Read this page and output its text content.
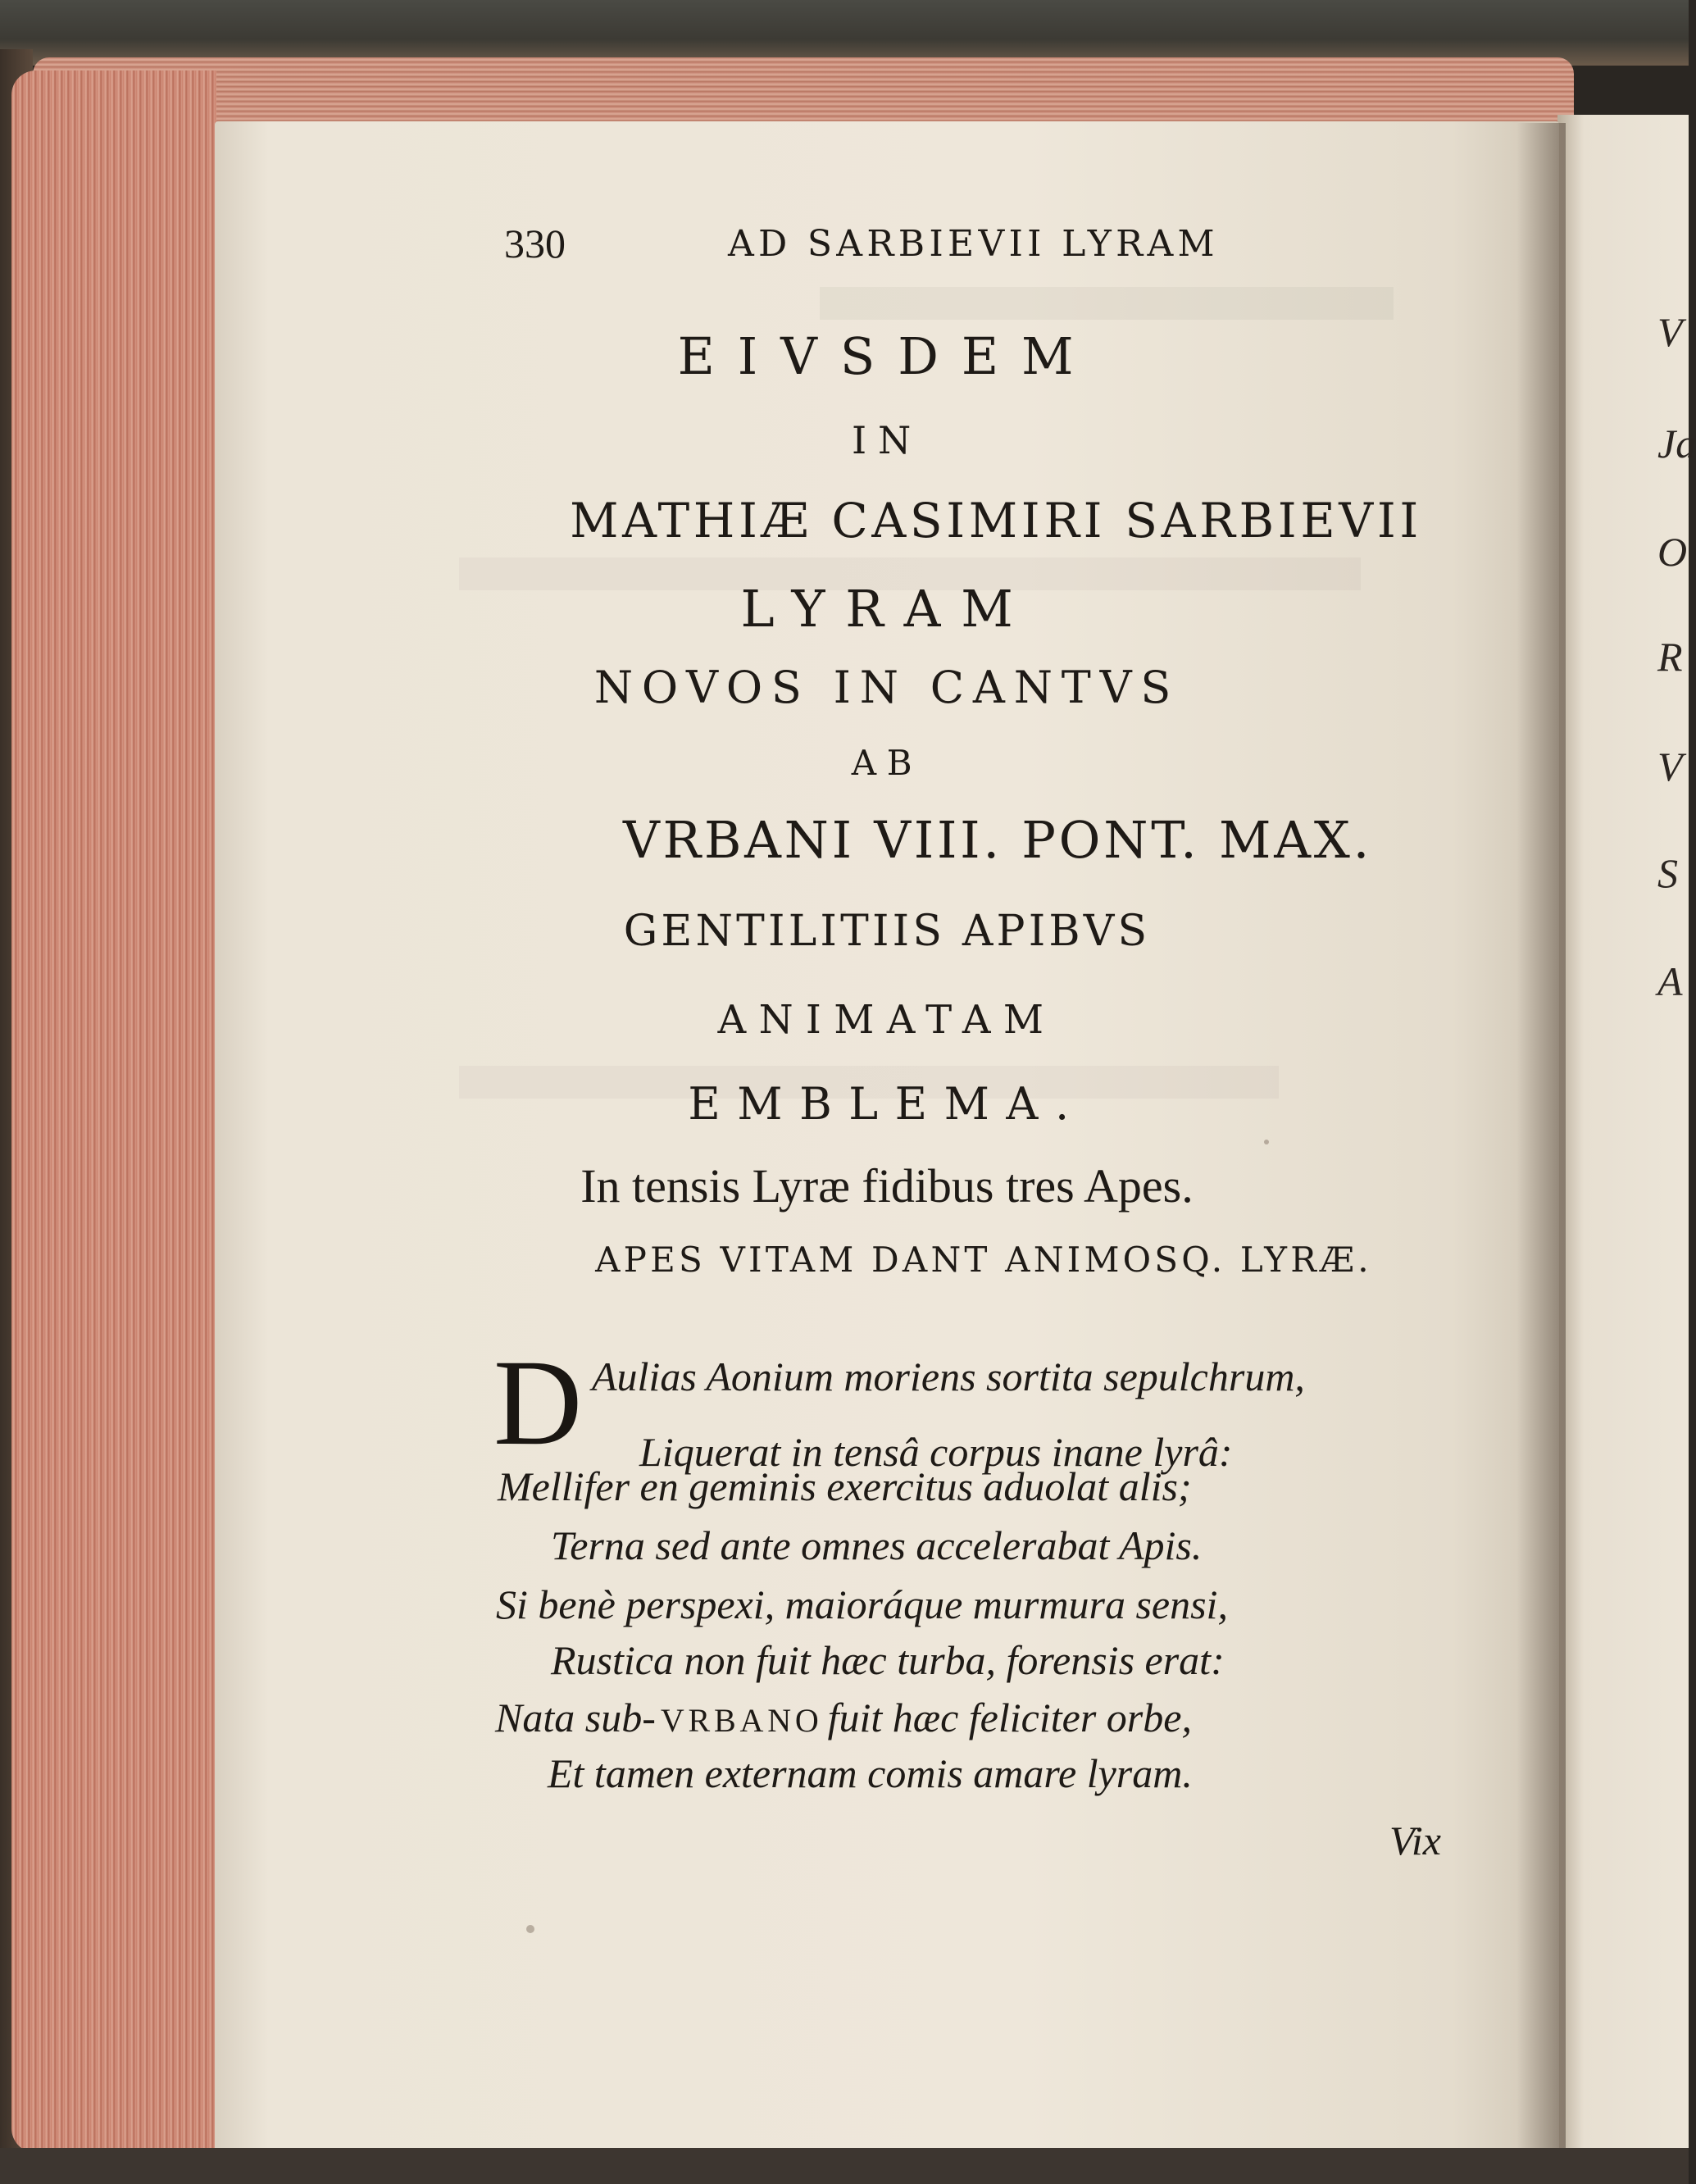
330	AD SARBIEVII LYRAM
EIVSDEM
IN
MATHIÆ CASIMIRI SARBIEVII
LYRAM
NOVOS IN CANTVS
AB
VRBANI VIII. PONT. MAX.
GENTILITIIS APIBVS
ANIMATAM
EMBLEMA.
In tensis Lyræ fidibus tres Apes.
APES VITAM DANT ANIMOSQ. LYRÆ.
D Aulias Aonium moriens sortita sepulchrum,
Liquerat in tensâ corpus inane lyrâ:
Mellifer en geminis exercitus aduolat alis;
Terna sed ante omnes accelerabat Apis.
Si benè perspexi, maioráque murmura sensi,
Rustica non fuit hæc turba, forensis erat:
Nata sub- VRBANO fuit hæc feliciter orbe,
Et tamen externam comis amare lyram.
Vix
V
Ja
O
R
V
S
A
